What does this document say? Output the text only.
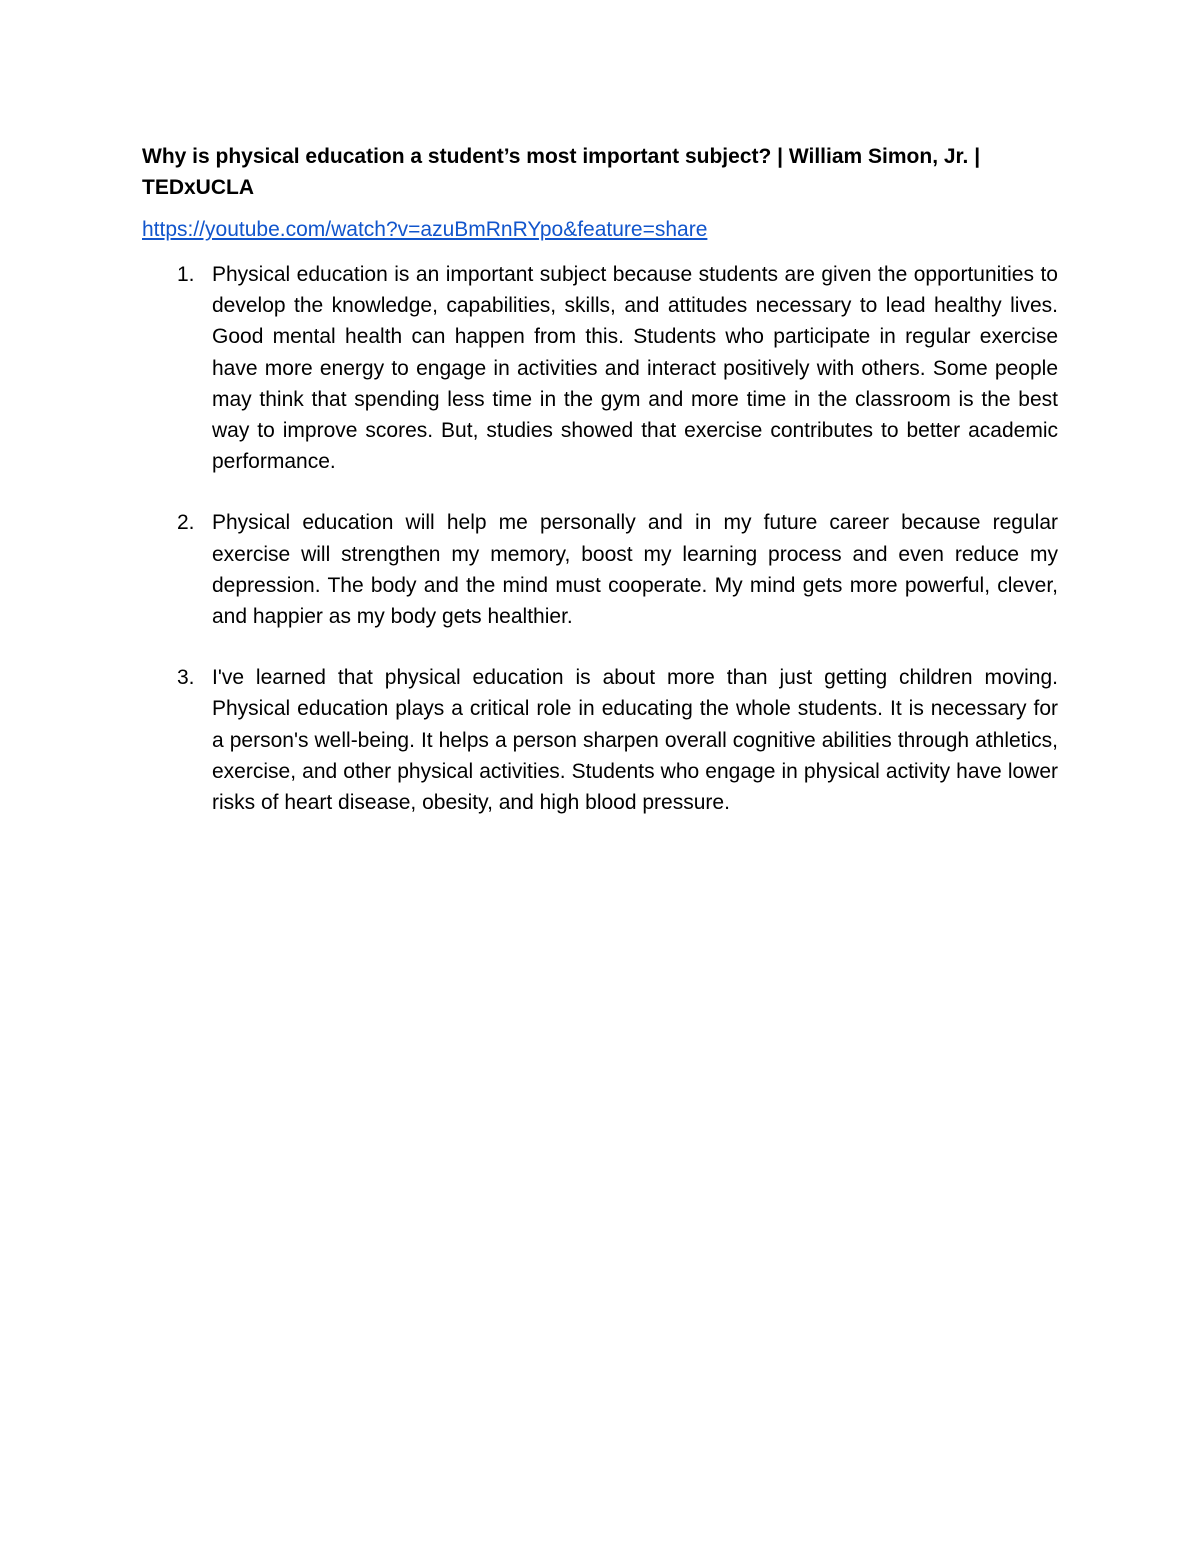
Why is physical education a student’s most important subject? | William Simon, Jr. | TEDxUCLA
https://youtube.com/watch?v=azuBmRnRYpo&feature=share
1. Physical education is an important subject because students are given the opportunities to develop the knowledge, capabilities, skills, and attitudes necessary to lead healthy lives. Good mental health can happen from this. Students who participate in regular exercise have more energy to engage in activities and interact positively with others. Some people may think that spending less time in the gym and more time in the classroom is the best way to improve scores. But, studies showed that exercise contributes to better academic performance.
2. Physical education will help me personally and in my future career because regular exercise will strengthen my memory, boost my learning process and even reduce my depression. The body and the mind must cooperate. My mind gets more powerful, clever, and happier as my body gets healthier.
3. I've learned that physical education is about more than just getting children moving. Physical education plays a critical role in educating the whole students. It is necessary for a person's well-being. It helps a person sharpen overall cognitive abilities through athletics, exercise, and other physical activities. Students who engage in physical activity have lower risks of heart disease, obesity, and high blood pressure.
